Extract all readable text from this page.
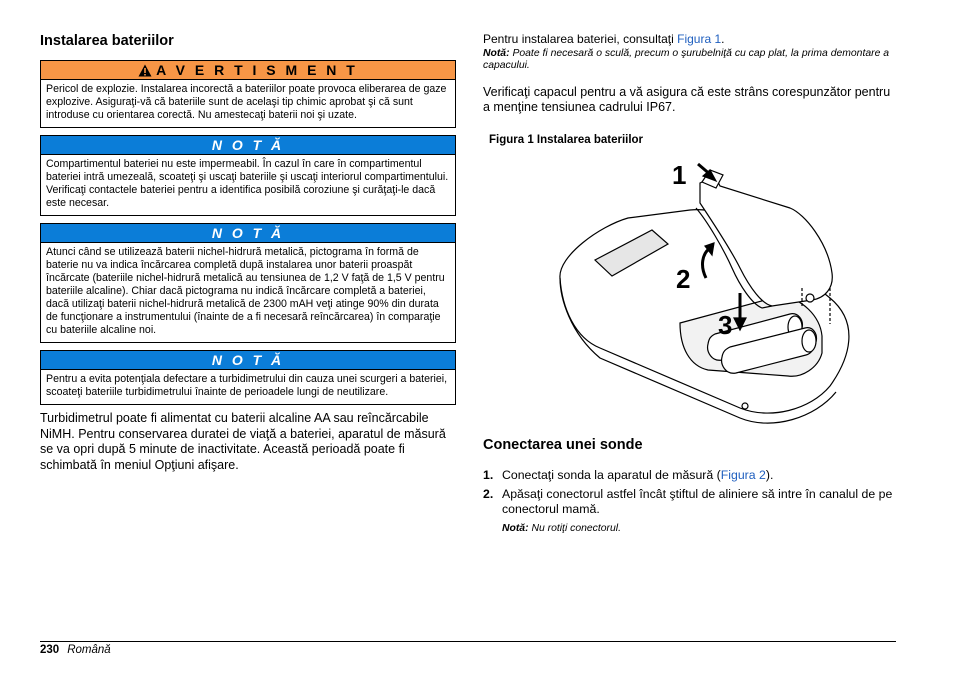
Instalarea bateriilor
A V E R T I S M E N T
Pericol de explozie. Instalarea incorectă a bateriilor poate provoca eliberarea de gaze explozive. Asiguraţi-vă că bateriile sunt de acelaşi tip chimic aprobat şi că sunt introduse cu orientarea corectă. Nu amestecaţi baterii noi şi uzate.
N O T Ă
Compartimentul bateriei nu este impermeabil. În cazul în care în compartimentul bateriei intră umezeală, scoateţi şi uscaţi bateriile şi uscaţi interiorul compartimentului. Verificaţi contactele bateriei pentru a identifica posibilă coroziune şi curăţaţi-le dacă este necesar.
N O T Ă
Atunci când se utilizează baterii nichel-hidrură metalică, pictograma în formă de baterie nu va indica încărcarea completă după instalarea unor baterii proaspăt încărcate (bateriile nichel-hidrură metalică au tensiunea de 1,2 V faţă de 1,5 V pentru bateriile alcaline). Chiar dacă pictograma nu indică încărcare completă a bateriei, dacă utilizaţi baterii nichel-hidrură metalică de 2300 mAH veţi atinge 90% din durata de funcţionare a instrumentului (înainte de a fi necesară reîncărcarea) în comparaţie cu bateriile alcaline noi.
N O T Ă
Pentru a evita potenţiala defectare a turbidimetrului din cauza unei scurgeri a bateriei, scoateţi bateriile turbidimetrului înainte de perioadele lungi de neutilizare.

Turbidimetrul poate fi alimentat cu baterii alcaline AA sau reîncărcabile NiMH. Pentru conservarea duratei de viaţă a bateriei, aparatul de măsură se va opri după 5 minute de inactivitate. Această perioadă poate fi schimbată în meniul Opţiuni afişare.

Pentru instalarea bateriei, consultaţi Figura 1.

Notă: Poate fi necesară o sculă, precum o şurubelniţă cu cap plat, la prima demontare a capacului.

Verificaţi capacul pentru a vă asigura că este strâns corespunzător pentru a menţine tensiunea cadrului IP67.

Figura 1 Instalarea bateriilor
1
2
3
Conectarea unei sonde
1. Conectaţi sonda la aparatul de măsură (Figura 2).
2. Apăsaţi conectorul astfel încât ştiftul de aliniere să intre în canalul de pe conectorul mamă.

Notă: Nu rotiţi conectorul.

230 Română
